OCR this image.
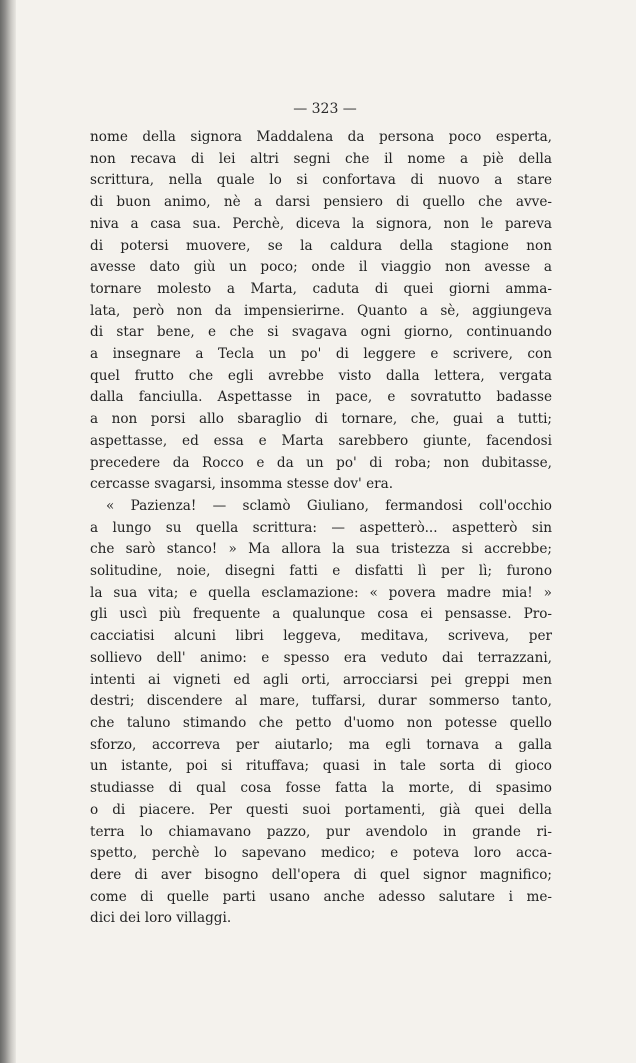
— 323 —
nome della signora Maddalena da persona poco esperta,
non recava di lei altri segni che il nome a piè della
scrittura, nella quale lo si confortava di nuovo a stare
di buon animo, nè a darsi pensiero di quello che avve-
niva a casa sua. Perchè, diceva la signora, non le pareva
di potersi muovere, se la caldura della stagione non
avesse dato giù un poco; onde il viaggio non avesse a
tornare molesto a Marta, caduta di quei giorni amma-
lata, però non da impensierirne. Quanto a sè, aggiungeva
di star bene, e che si svagava ogni giorno, continuando
a insegnare a Tecla un po' di leggere e scrivere, con
quel frutto che egli avrebbe visto dalla lettera, vergata
dalla fanciulla. Aspettasse in pace, e sovratutto badasse
a non porsi allo sbaraglio di tornare, che, guai a tutti;
aspettasse, ed essa e Marta sarebbero giunte, facendosi
precedere da Rocco e da un po' di roba; non dubitasse,
cercasse svagarsi, insomma stesse dov' era.
« Pazienza! — sclamò Giuliano, fermandosi coll'occhio
a lungo su quella scrittura: — aspetterò... aspetterò sin
che sarò stanco! » Ma allora la sua tristezza si accrebbe;
solitudine, noie, disegni fatti e disfatti lì per lì; furono
la sua vita; e quella esclamazione: « povera madre mia! »
gli uscì più frequente a qualunque cosa ei pensasse. Pro-
cacciatisi alcuni libri leggeva, meditava, scriveva, per
sollievo dell' animo: e spesso era veduto dai terrazzani,
intenti ai vigneti ed agli orti, arrocciarsi pei greppi men
destri; discendere al mare, tuffarsi, durar sommerso tanto,
che taluno stimando che petto d'uomo non potesse quello
sforzo, accorreva per aiutarlo; ma egli tornava a galla
un istante, poi si rituffava; quasi in tale sorta di gioco
studiasse di qual cosa fosse fatta la morte, di spasimo
o di piacere. Per questi suoi portamenti, già quei della
terra lo chiamavano pazzo, pur avendolo in grande ri-
spetto, perchè lo sapevano medico; e poteva loro acca-
dere di aver bisogno dell'opera di quel signor magnifico;
come di quelle parti usano anche adesso salutare i me-
dici dei loro villaggi.
